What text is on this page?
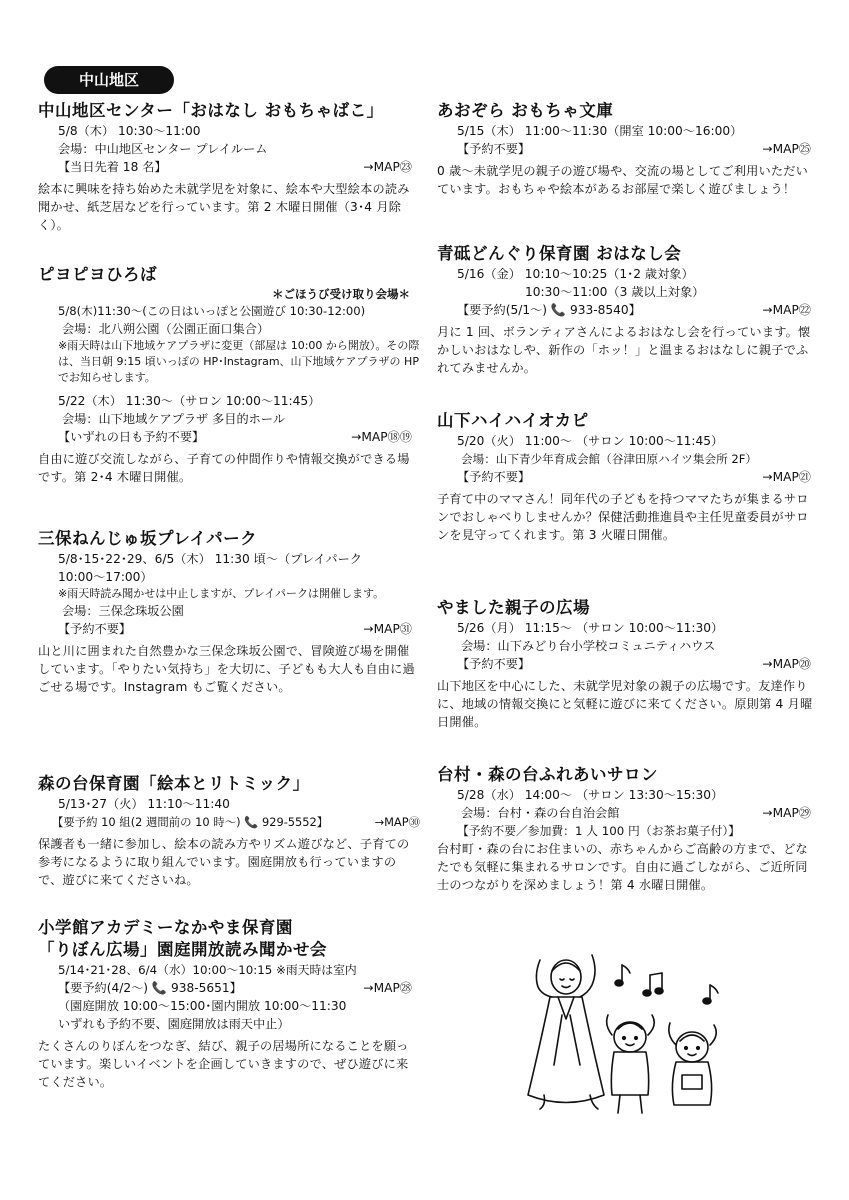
中山地区
中山地区センター「おはなし おもちゃばこ」
5/8（木） 10:30～11:00
会場：中山地区センター プレイルーム
【当日先着 18 名】	→MAP㉓
絵本に興味を持ち始めた未就学児を対象に、絵本や大型絵本の読み聞かせ、紙芝居などを行っています。第 2 木曜日開催（3･4 月除く）。
ピヨピヨひろば
＊ごほうび受け取り会場＊
5/8(木)11:30～(この日はいっぽと公園遊び 10:30-12:00)
会場：北八朔公園（公園正面口集合）
※雨天時は山下地域ケアプラザに変更（部屋は 10:00 から開放）。その際は、当日朝 9:15 頃いっぽの HP･Instagram、山下地域ケアプラザの HP でお知らせします。
5/22（木） 11:30～（サロン 10:00～11:45）
会場：山下地域ケアプラザ 多目的ホール
【いずれの日も予約不要】	→MAP⑱⑲
自由に遊び交流しながら、子育ての仲間作りや情報交換ができる場です。第 2･4 木曜日開催。
三保ねんじゅ坂プレイパーク
5/8･15･22･29、6/5（木） 11:30 頃～（プレイパーク
10:00～17:00）
※雨天時読み聞かせは中止しますが、プレイパークは開催します。
会場：三保念珠坂公園
【予約不要】	→MAP㉛
山と川に囲まれた自然豊かな三保念珠坂公園で、冒険遊び場を開催しています。「やりたい気持ち」を大切に、子どもも大人も自由に過ごせる場です。Instagram もご覧ください。
森の台保育園「絵本とリトミック」
5/13･27（火） 11:10～11:40
【要予約 10 組(2 週間前の 10 時～) 📞 929-5552】	→MAP㉚
保護者も一緒に参加し、絵本の読み方やリズム遊びなど、子育ての参考になるように取り組んでいます。園庭開放も行っていますので、遊びに来てくださいね。
小学館アカデミーなかやま保育園
「りぼん広場」園庭開放読み聞かせ会
5/14･21･28、6/4（水）10:00～10:15 ※雨天時は室内
【要予約(4/2～) 📞 938-5651】	→MAP㉘
（園庭開放 10:00～15:00･園内開放 10:00～11:30
いずれも予約不要、園庭開放は雨天中止）
たくさんのりぼんをつなぎ、結び、親子の居場所になることを願っています。楽しいイベントを企画していきますので、ぜひ遊びに来てください。
あおぞら おもちゃ文庫
5/15（木） 11:00～11:30（開室 10:00～16:00）
【予約不要】	→MAP㉕
0 歳～未就学児の親子の遊び場や、交流の場としてご利用いただいています。おもちゃや絵本があるお部屋で楽しく遊びましょう！
青砥どんぐり保育園 おはなし会
5/16（金） 10:10～10:25（1･2 歳対象）
10:30～11:00（3 歳以上対象）
【要予約(5/1～) 📞 933-8540】	→MAP㉒
月に 1 回、ボランティアさんによるおはなし会を行っています。懐かしいおはなしや、新作の「ホッ！」と温まるおはなしに親子でふれてみませんか。
山下ハイハイオカピ
5/20（火） 11:00～ （サロン 10:00～11:45）
会場：山下青少年育成会館（谷津田原ハイツ集会所 2F）
【予約不要】	→MAP㉑
子育て中のママさん！同年代の子どもを持つママたちが集まるサロンでおしゃべりしませんか？保健活動推進員や主任児童委員がサロンを見守ってくれます。第 3 火曜日開催。
やました親子の広場
5/26（月） 11:15～ （サロン 10:00～11:30）
会場：山下みどり台小学校コミュニティハウス
【予約不要】	→MAP⑳
山下地区を中心にした、未就学児対象の親子の広場です。友達作りに、地域の情報交換にと気軽に遊びに来てください。原則第 4 月曜日開催。
台村・森の台ふれあいサロン
5/28（水） 14:00～ （サロン 13:30～15:30）
会場：台村・森の台自治会館	→MAP㉙
【予約不要／参加費：1 人 100 円（お茶お菓子付）】
台村町・森の台にお住まいの、赤ちゃんからご高齢の方まで、どなたでも気軽に集まれるサロンです。自由に過ごしながら、ご近所同士のつながりを深めましょう！第 4 水曜日開催。
